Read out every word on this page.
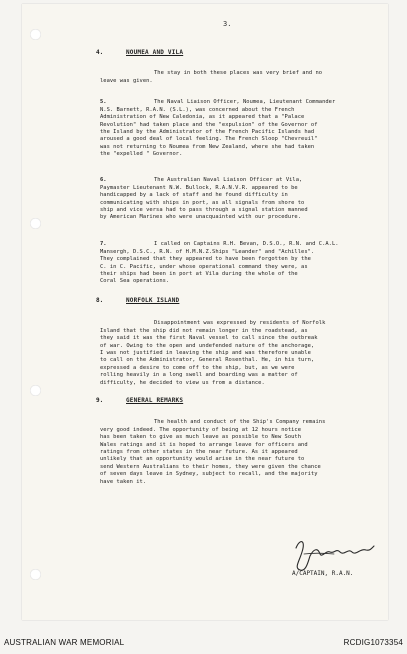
3.
4.	NOUMEA AND VILA

The stay in both these places was very brief and no
leave was given.

5.	The Naval Liaison Officer, Noumea, Lieutenant Commander
N.S. Barnett, R.A.N. (S.L.), was concerned about the French
Administration of New Caledonia, as it appeared that a "Palace
Revolution" had taken place and the "expulsion" of the Governor of
the Island by the Administrator of the French Pacific Islands had
aroused a good deal of local feeling. The French Sloop "Chevreuil"
was not returning to Noumea from New Zealand, where she had taken
the "expelled " Governor.

6.	The Australian Naval Liaison Officer at Vila,
Paymaster Lieutenant N.W. Bullock, R.A.N.V.R. appeared to be
handicapped by a lack of staff and he found difficulty in
communicating with ships in port, as all signals from shore to
ship and vice versa had to pass through a signal station manned
by American Marines who were unacquainted with our procedure.

7.	I called on Captains R.H. Bevan, D.S.O., R.N. and C.A.L.
Mansergh, D.S.C., R.N. of H.M.N.Z.Ships "Leander" and "Achilles".
They complained that they appeared to have been forgotten by the
C. in C. Pacific, under whose operational command they were, as
their ships had been in port at Vila during the whole of the
Coral Sea operations.

8.	NORFOLK ISLAND

Disappointment was expressed by residents of Norfolk
Island that the ship did not remain longer in the roadstead, as
they said it was the first Naval vessel to call since the outbreak
of war. Owing to the open and undefended nature of the anchorage,
I was not justified in leaving the ship and was therefore unable
to call on the Administrator, General Rosenthal. He, in his turn,
expressed a desire to come off to the ship, but, as we were
rolling heavily in a long swell and boarding was a matter of
difficulty, he decided to view us from a distance.

9.	GENERAL REMARKS

The health and conduct of the Ship's Company remains
very good indeed. The opportunity of being at 12 hours notice
has been taken to give as much leave as possible to New South
Wales ratings and it is hoped to arrange leave for officers and
ratings from other states in the near future. As it appeared
unlikely that an opportunity would arise in the near future to
send Western Australians to their homes, they were given the chance
of seven days leave in Sydney, subject to recall, and the majority
have taken it.

A/CAPTAIN, R.A.N.
AUSTRALIAN WAR MEMORIAL	RCDIG1073354
